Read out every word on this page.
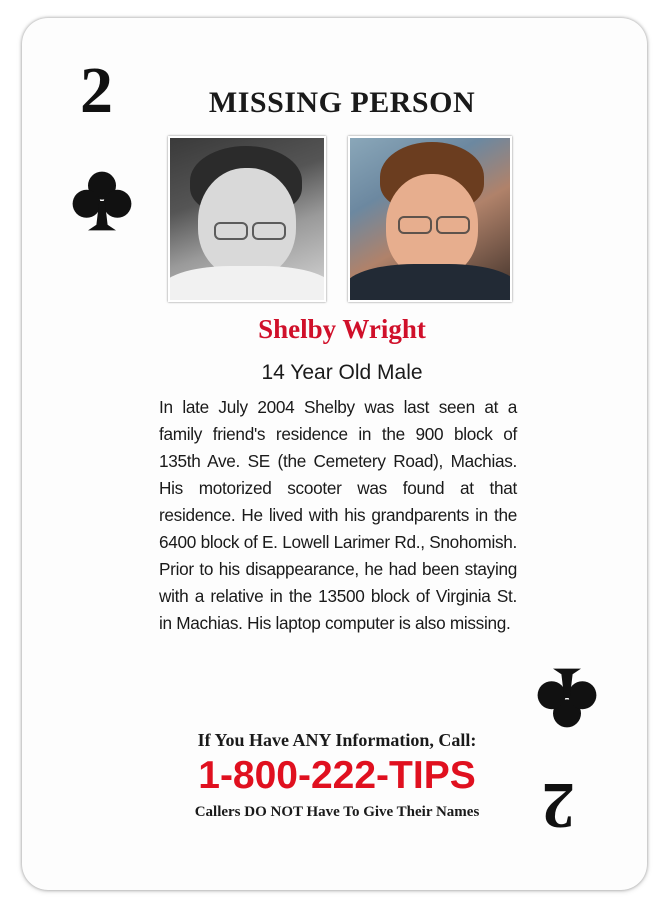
2	MISSING PERSON
Shelby Wright
14 Year Old Male
In late July 2004 Shelby was last seen at a family friend's residence in the 900 block of 135th Ave. SE (the Cemetery Road), Machias. His motorized scooter was found at that residence. He lived with his grandparents in the 6400 block of E. Lowell Larimer Rd., Snohomish. Prior to his disappearance, he had been staying with a relative in the 13500 block of Virginia St. in Machias. His laptop computer is also missing.
If You Have ANY Information, Call:
1-800-222-TIPS
Callers DO NOT Have To Give Their Names 2
